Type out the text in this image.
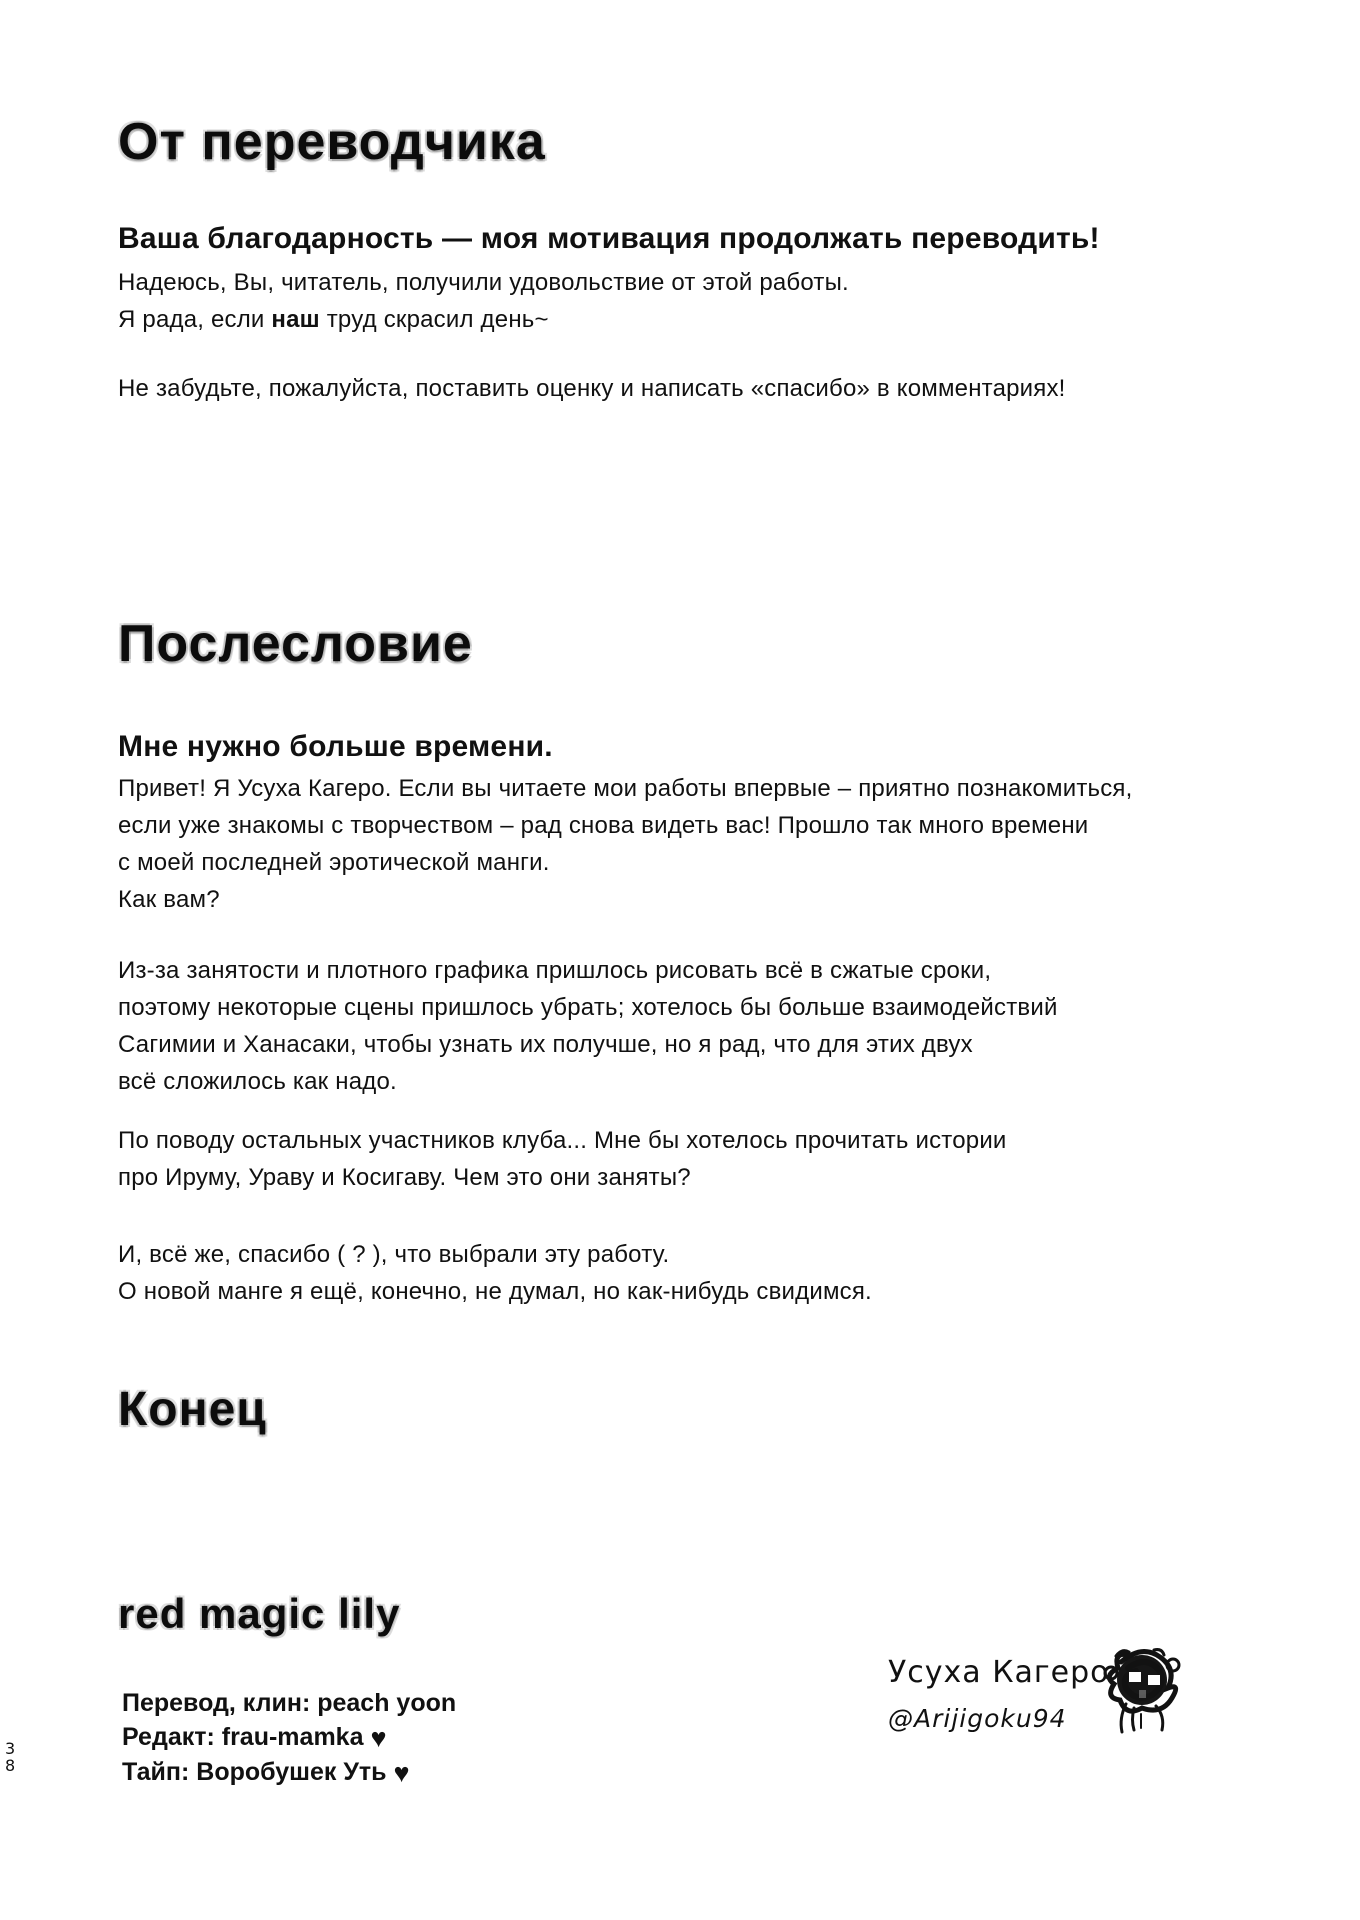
От переводчика
Ваша благодарность — моя мотивация продолжать переводить!
Надеюсь, Вы, читатель, получили удовольствие от этой работы.
Я рада, если наш труд скрасил день~
Не забудьте, пожалуйста, поставить оценку и написать «спасибо» в комментариях!
Послесловие
Мне нужно больше времени.
Привет! Я Усуха Кагеро. Если вы читаете мои работы впервые – приятно познакомиться,
если уже знакомы с творчеством – рад снова видеть вас! Прошло так много времени
с моей последней эротической манги.
Как вам?
Из-за занятости и плотного графика пришлось рисовать всё в сжатые сроки,
поэтому некоторые сцены пришлось убрать; хотелось бы больше взаимодействий
Сагимии и Ханасаки, чтобы узнать их получше, но я рад, что для этих двух
всё сложилось как надо.
По поводу остальных участников клуба... Мне бы хотелось прочитать истории
про Ируму, Ураву и Косигаву. Чем это они заняты?
И, всё же, спасибо ( ? ), что выбрали эту работу.
О новой манге я ещё, конечно, не думал, но как-нибудь свидимся.
Конец
red magic lily
Перевод, клин: peach yoon
Редакт: frau-mamka ♥
Тайп: Воробушек Уть ♥
Усуха Кагеро
@Arijigoku94
3
8
